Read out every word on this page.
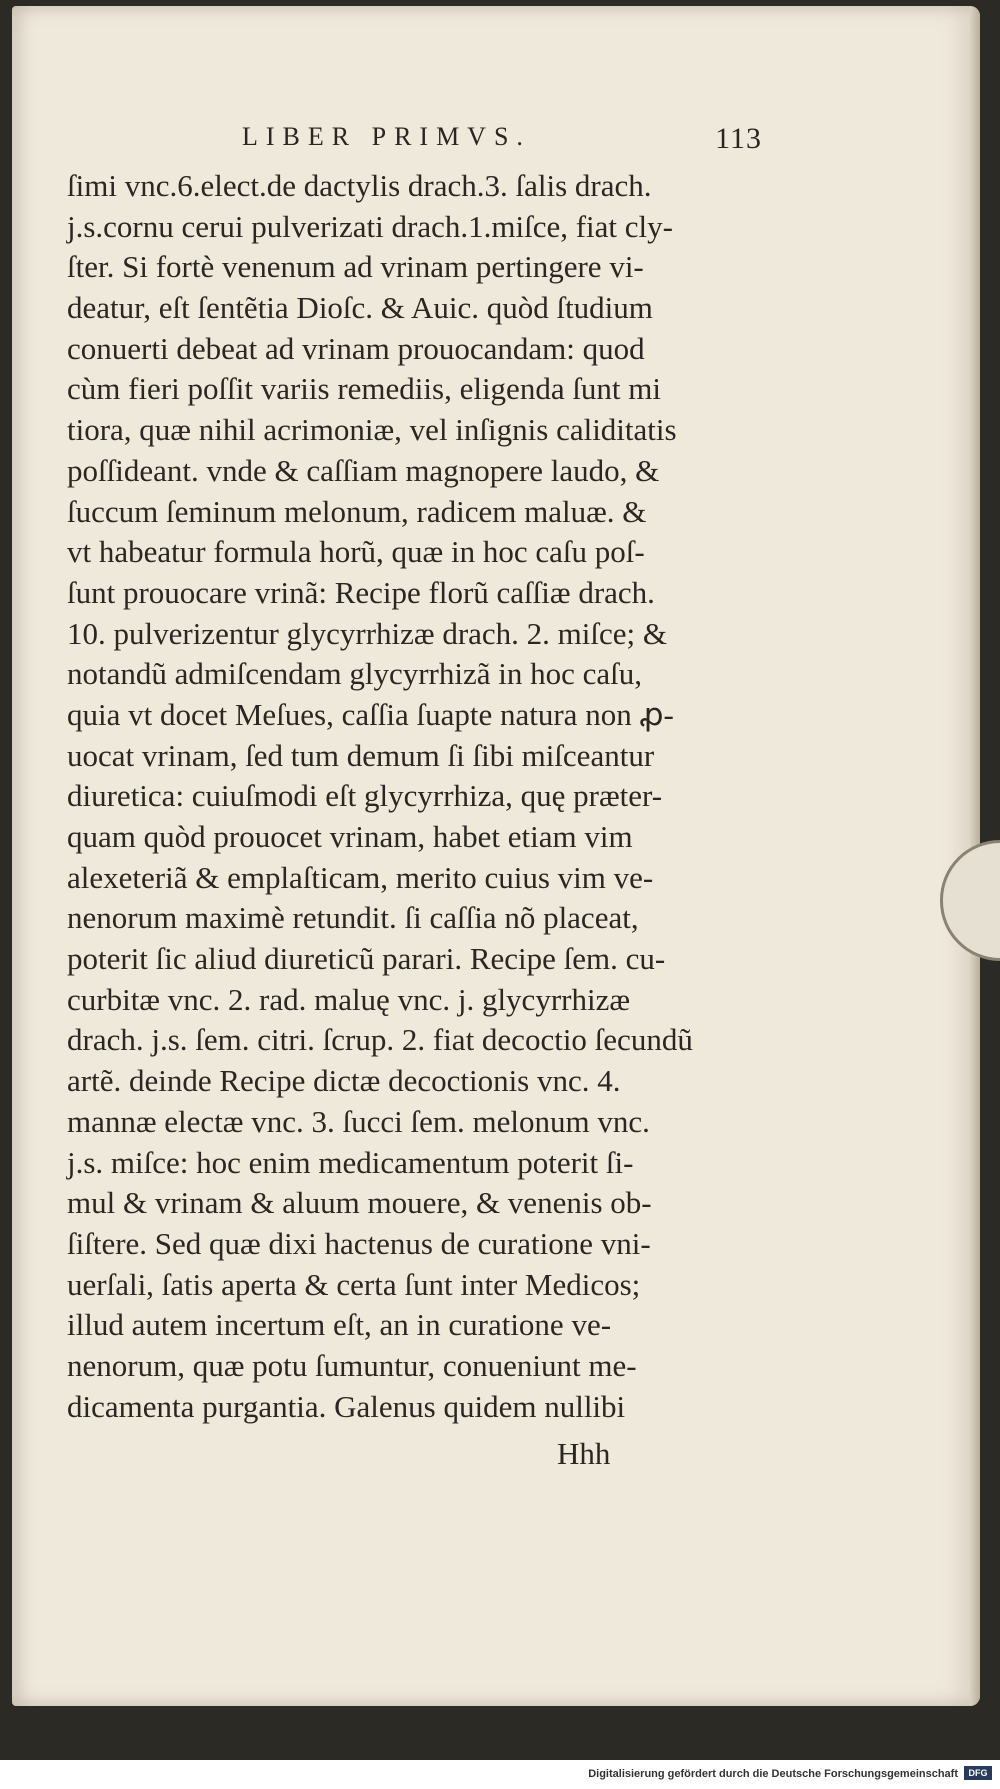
LIBER PRIMVS.	113
ſimi vnc.6.elect.de dactylis drach.3. ſalis drach.
j.s.cornu cerui pulverizati drach.1.miſce, fiat cly-
ſter. Si fortè venenum ad vrinam pertingere vi-
deatur, eſt ſentẽtia Dioſc. & Auic. quòd ſtudium
conuerti debeat ad vrinam prouocandam: quod
cùm fieri poſſit variis remediis, eligenda ſunt mi
tiora, quæ nihil acrimoniæ, vel inſignis caliditatis
poſſideant. vnde & caſſiam magnopere laudo, &
ſuccum ſeminum melonum, radicem maluæ. &
vt habeatur formula horũ, quæ in hoc caſu poſ-
ſunt prouocare vrinã: Recipe florũ caſſiæ drach.
10. pulverizentur glycyrrhizæ drach. 2. miſce; &
notandũ admiſcendam glycyrrhizã in hoc caſu,
quia vt docet Meſues, caſſia ſuapte natura non ꝓ-
uocat vrinam, ſed tum demum ſi ſibi miſceantur
diuretica: cuiuſmodi eſt glycyrrhiza, quę præter-
quam quòd prouocet vrinam, habet etiam vim
alexeteriã & emplaſticam, merito cuius vim ve-
nenorum maximè retundit. ſi caſſia nõ placeat,
poterit ſic aliud diureticũ parari. Recipe ſem. cu-
curbitæ vnc. 2. rad. maluę vnc. j. glycyrrhizæ
drach. j.s. ſem. citri. ſcrup. 2. fiat decoctio ſecundũ
artẽ. deinde Recipe dictæ decoctionis vnc. 4.
mannæ electæ vnc. 3. ſucci ſem. melonum vnc.
j.s. miſce: hoc enim medicamentum poterit ſi-
mul & vrinam & aluum mouere, & venenis ob-
ſiſtere. Sed quæ dixi hactenus de curatione vni-
uerſali, ſatis aperta & certa ſunt inter Medicos;
illud autem incertum eſt, an in curatione ve-
nenorum, quæ potu ſumuntur, conueniunt me-
dicamenta purgantia. Galenus quidem nullibi
Hhh
Digitalisierung gefördert durch die Deutsche Forschungsgemeinschaft	DFG
